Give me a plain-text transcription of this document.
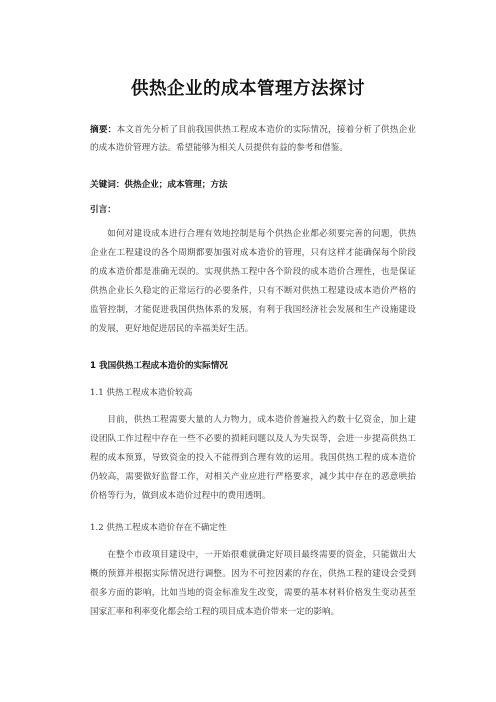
供热企业的成本管理方法探讨
摘要：本文首先分析了目前我国供热工程成本造价的实际情况，接着分析了供热企业的成本造价管理方法。希望能够为相关人员提供有益的参考和借鉴。
关键词：供热企业；成本管理；方法
引言：
如何对建设成本进行合理有效地控制是每个供热企业都必须要完善的问题，供热企业在工程建设的各个周期都要加强对成本造价的管理，只有这样才能确保每个阶段的成本造价都是准确无误的。实现供热工程中各个阶段的成本造价合理性，也是保证供热企业长久稳定的正常运行的必要条件，只有不断对供热工程建设成本造价严格的监管控制，才能促进我国供热体系的发展，有利于我国经济社会发展和生产设施建设的发展，更好地促进居民的幸福美好生活。
1 我国供热工程成本造价的实际情况
1.1 供热工程成本造价较高
目前，供热工程需要大量的人力物力，成本造价普遍投入约数十亿资金，加上建设团队工作过程中存在一些不必要的损耗问题以及人为失误等，会进一步提高供热工程的成本预算，导致资金的投入不能得到合理有效的运用。我国供热工程的成本造价仍较高，需要做好监督工作，对相关产业应进行严格要求，减少其中存在的恶意哄抬价格等行为，做到成本造价过程中的费用透明。
1.2 供热工程成本造价存在不确定性
在整个市政项目建设中，一开始很难就确定好项目最终需要的资金，只能做出大概的预算并根据实际情况进行调整。因为不可控因素的存在，供热工程的建设会受到很多方面的影响，比如当地的资金标准发生改变，需要的基本材料价格发生变动甚至国家汇率和利率变化都会给工程的项目成本造价带来一定的影响。
